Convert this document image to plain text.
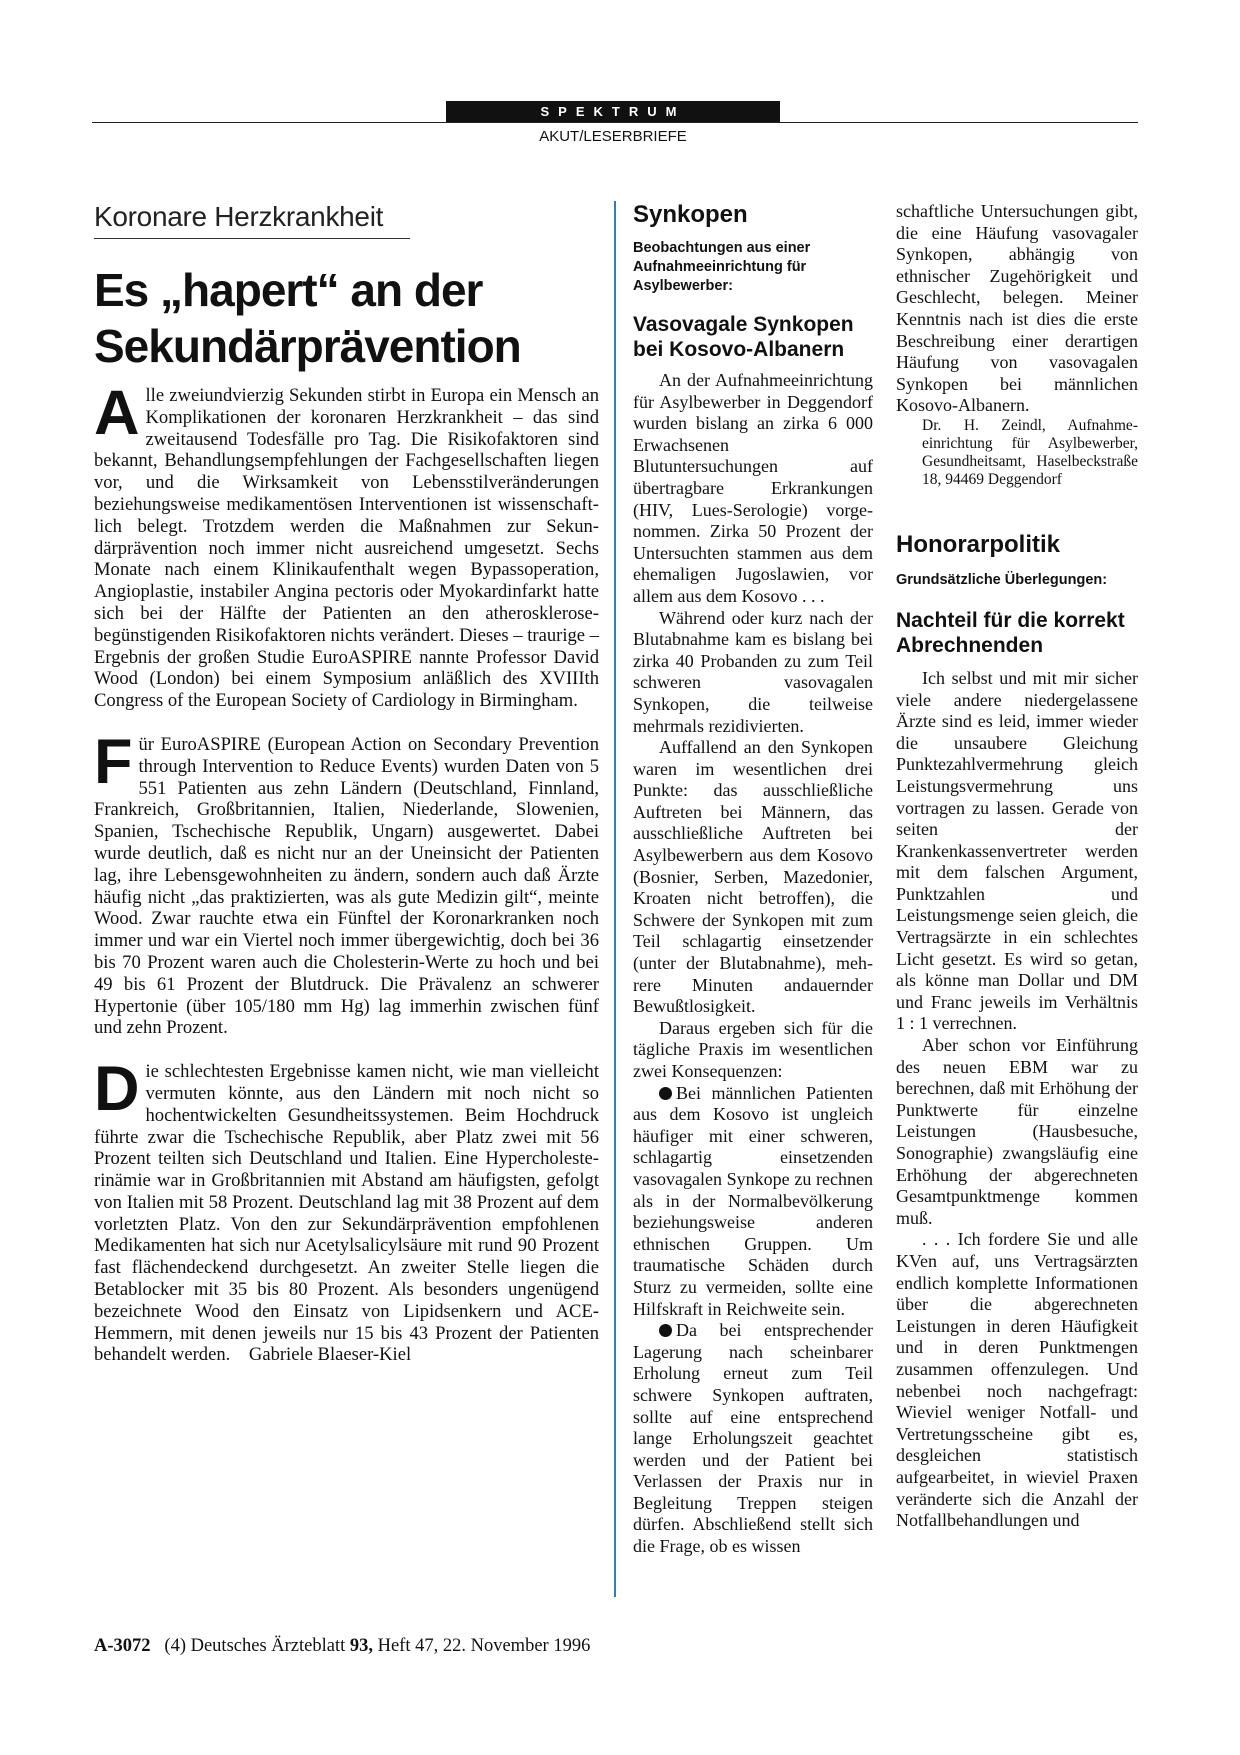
SPEKTRUM
AKUT/LESERBRIEFE
Koronare Herzkrankheit
Es „hapert“ an der Sekundärprävention

Alle zweiundvierzig Sekunden stirbt in Europa ein Mensch an Komplikationen der koronaren Herzkrankheit – das sind zweitausend Todesfälle pro Tag. Die Risikofaktoren sind bekannt, Behandlungsempfehlungen der Fachgesellschaften liegen vor, und die Wirksamkeit von Lebensstilveränderungen beziehungsweise medikamentösen Interventionen ist wissenschaftlich belegt. Trotzdem werden die Maßnahmen zur Sekundärprävention noch immer nicht ausreichend umgesetzt. Sechs Monate nach einem Klinikaufenthalt wegen Bypassoperation, Angioplastie, instabiler Angina pectoris oder Myokardinfarkt hatte sich bei der Hälfte der Patienten an den atherosklerose-begünstigenden Risikofaktoren nichts verändert. Dieses – traurige – Ergebnis der großen Studie EuroASPIRE nannte Professor David Wood (London) bei einem Symposium anläßlich des XVIIIth Congress of the European Society of Cardiology in Birmingham.

Für EuroASPIRE (European Action on Secondary Prevention through Intervention to Reduce Events) wurden Daten von 5 551 Patienten aus zehn Ländern (Deutschland, Finnland, Frankreich, Großbritannien, Italien, Niederlande, Slowenien, Spanien, Tschechische Republik, Ungarn) ausgewertet. Dabei wurde deutlich, daß es nicht nur an der Uneinsicht der Patienten lag, ihre Lebensgewohnheiten zu ändern, sondern auch daß Ärzte häufig nicht „das praktizierten, was als gute Medizin gilt“, meinte Wood. Zwar rauchte etwa ein Fünftel der Koronarkranken noch immer und war ein Viertel noch immer übergewichtig, doch bei 36 bis 70 Prozent waren auch die Cholesterin-Werte zu hoch und bei 49 bis 61 Prozent der Blutdruck. Die Prävalenz an schwerer Hypertonie (über 105/180 mm Hg) lag immerhin zwischen fünf und zehn Prozent.

Die schlechtesten Ergebnisse kamen nicht, wie man vielleicht vermuten könnte, aus den Ländern mit noch nicht so hochentwickelten Gesundheitssystemen. Beim Hochdruck führte zwar die Tschechische Republik, aber Platz zwei mit 56 Prozent teilten sich Deutschland und Italien. Eine Hypercholesterinämie war in Großbritannien mit Abstand am häufigsten, gefolgt von Italien mit 58 Prozent. Deutschland lag mit 38 Prozent auf dem vorletzten Platz. Von den zur Sekundärprävention empfohlenen Medikamenten hat sich nur Acetylsalicylsäure mit rund 90 Prozent fast flächendeckend durchgesetzt. An zweiter Stelle liegen die Betablocker mit 35 bis 80 Prozent. Als besonders ungenügend bezeichnete Wood den Einsatz von Lipidsenkern und ACE-Hemmern, mit denen jeweils nur 15 bis 43 Prozent der Patienten behandelt werden. Gabriele Blaeser-Kiel

Synkopen
Beobachtungen aus einer Aufnahmeeinrichtung für Asylbewerber:
Vasovagale Synkopen bei Kosovo-Albanern

An der Aufnahmeeinrichtung für Asylbewerber in Deggendorf wurden bislang an zirka 6 000 Erwachsenen Blutuntersuchungen auf übertragbare Erkrankungen (HIV, Lues-Serologie) vorgenommen. Zirka 50 Prozent der Untersuchten stammen aus dem ehemaligen Jugoslawien, vor allem aus dem Kosovo . . .

Während oder kurz nach der Blutabnahme kam es bislang bei zirka 40 Probanden zu zum Teil schweren vasovagalen Synkopen, die teilweise mehrmals rezidivierten.

Auffallend an den Synkopen waren im wesentlichen drei Punkte: das ausschließliche Auftreten bei Männern, das ausschließliche Auftreten bei Asylbewerbern aus dem Kosovo (Bosnier, Serben, Mazedonier, Kroaten nicht betroffen), die Schwere der Synkopen mit zum Teil schlagartig einsetzender (unter der Blutabnahme), mehrere Minuten andauernder Bewußtlosigkeit.

Daraus ergeben sich für die tägliche Praxis im wesentlichen zwei Konsequenzen:

Bei männlichen Patienten aus dem Kosovo ist ungleich häufiger mit einer schweren, schlagartig einsetzenden vasovagalen Synkope zu rechnen als in der Normalbevölkerung beziehungsweise anderen ethnischen Gruppen. Um traumatische Schäden durch Sturz zu vermeiden, sollte eine Hilfskraft in Reichweite sein.

Da bei entsprechender Lagerung nach scheinbarer Erholung erneut zum Teil schwere Synkopen auftraten, sollte auf eine entsprechend lange Erholungszeit geachtet werden und der Patient bei Verlassen der Praxis nur in Begleitung Treppen steigen dürfen. Abschließend stellt sich die Frage, ob es wissen

schaftliche Untersuchungen gibt, die eine Häufung vasovagaler Synkopen, abhängig von ethnischer Zugehörigkeit und Geschlecht, belegen. Meiner Kenntnis nach ist dies die erste Beschreibung einer derartigen Häufung von vasovagalen Synkopen bei männlichen Kosovo-Albanern.

Dr. H. Zeindl, Aufnahmeeinrichtung für Asylbewerber, Gesundheitsamt, Haselbeckstraße 18, 94469 Deggendorf
Honorarpolitik
Grundsätzliche Überlegungen:
Nachteil für die korrekt Abrechnenden

Ich selbst und mit mir sicher viele andere niedergelassene Ärzte sind es leid, immer wieder die unsaubere Gleichung Punktezahlvermehrung gleich Leistungsvermehrung uns vortragen zu lassen. Gerade von seiten der Krankenkassenvertreter werden mit dem falschen Argument, Punktzahlen und Leistungsmenge seien gleich, die Vertragsärzte in ein schlechtes Licht gesetzt. Es wird so getan, als könne man Dollar und DM und Franc jeweils im Verhältnis 1 : 1 verrechnen.

Aber schon vor Einführung des neuen EBM war zu berechnen, daß mit Erhöhung der Punktwerte für einzelne Leistungen (Hausbesuche, Sonographie) zwangsläufig eine Erhöhung der abgerechneten Gesamtpunktmenge kommen muß.

. . . Ich fordere Sie und alle KVen auf, uns Vertragsärzten endlich komplette Informationen über die abgerechneten Leistungen in deren Häufigkeit und in deren Punktmengen zusammen offenzulegen. Und nebenbei noch nachgefragt: Wieviel weniger Notfall- und Vertretungsscheine gibt es, desgleichen statistisch aufgearbeitet, in wieviel Praxen veränderte sich die Anzahl der Notfallbehandlungen und

A-3072 (4) Deutsches Ärzteblatt 93, Heft 47, 22. November 1996
